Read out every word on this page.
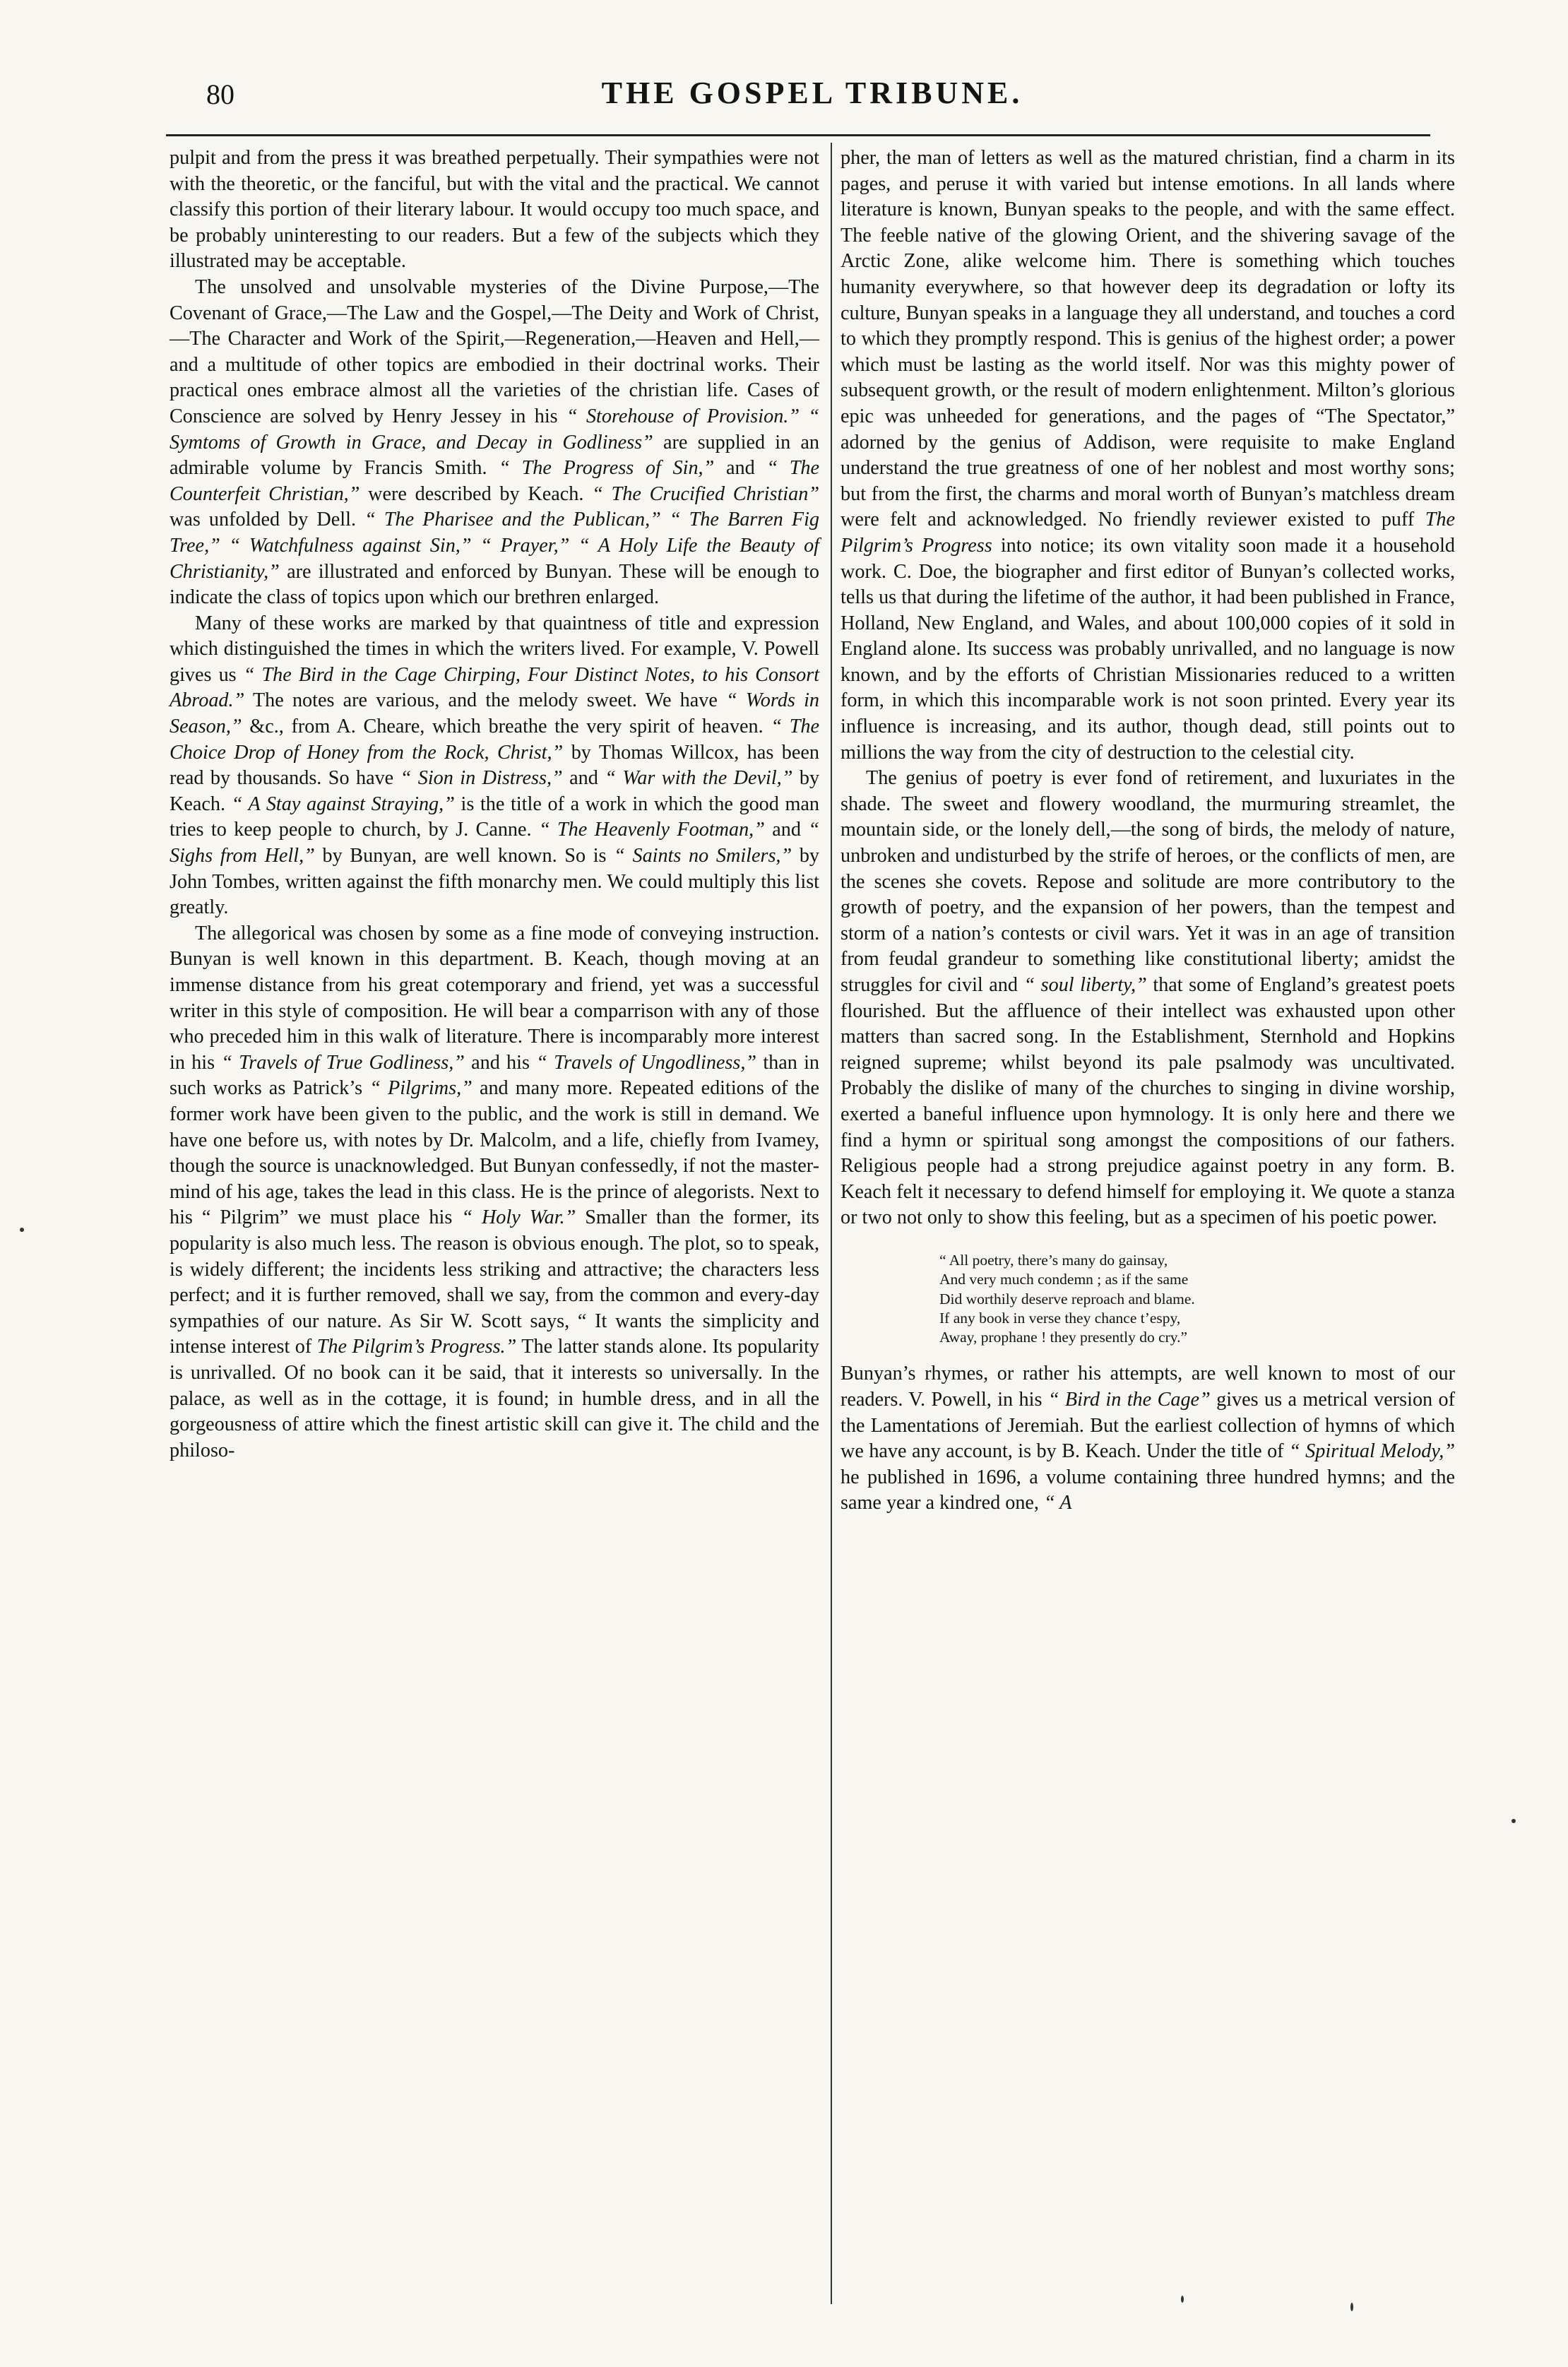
80	THE GOSPEL TRIBUNE.

pulpit and from the press it was breathed perpetually. Their sympathies were not with the theoretic, or the fanciful, but with the vital and the practical. We cannot classify this portion of their literary labour. It would occupy too much space, and be probably uninteresting to our readers. But a few of the subjects which they illustrated may be acceptable.

The unsolved and unsolvable mysteries of the Divine Purpose,—The Covenant of Grace,—The Law and the Gospel,—The Deity and Work of Christ,—The Character and Work of the Spirit,—Regeneration,—Heaven and Hell,—and a multitude of other topics are embodied in their doctrinal works. Their practical ones embrace almost all the varieties of the christian life. Cases of Conscience are solved by Henry Jessey in his “ Storehouse of Provision.” “ Symtoms of Growth in Grace, and Decay in Godliness” are supplied in an admirable volume by Francis Smith. “ The Progress of Sin,” and “ The Counterfeit Christian,” were described by Keach. “ The Crucified Christian” was unfolded by Dell. “ The Pharisee and the Publican,” “ The Barren Fig Tree,” “ Watchfulness against Sin,” “ Prayer,” “ A Holy Life the Beauty of Christianity,” are illustrated and enforced by Bunyan. These will be enough to indicate the class of topics upon which our brethren enlarged.

Many of these works are marked by that quaintness of title and expression which distinguished the times in which the writers lived. For example, V. Powell gives us “ The Bird in the Cage Chirping, Four Distinct Notes, to his Consort Abroad.” The notes are various, and the melody sweet. We have “ Words in Season,” &c., from A. Cheare, which breathe the very spirit of heaven. “ The Choice Drop of Honey from the Rock, Christ,” by Thomas Willcox, has been read by thousands. So have “ Sion in Distress,” and “ War with the Devil,” by Keach. “ A Stay against Straying,” is the title of a work in which the good man tries to keep people to church, by J. Canne. “ The Heavenly Footman,” and “ Sighs from Hell,” by Bunyan, are well known. So is “ Saints no Smilers,” by John Tombes, written against the fifth monarchy men. We could multiply this list greatly.

The allegorical was chosen by some as a fine mode of conveying instruction. Bunyan is well known in this department. B. Keach, though moving at an immense distance from his great cotemporary and friend, yet was a successful writer in this style of composition. He will bear a comparrison with any of those who preceded him in this walk of literature. There is incomparably more interest in his “ Travels of True Godliness,” and his “ Travels of Ungodliness,” than in such works as Patrick’s “ Pilgrims,” and many more. Repeated editions of the former work have been given to the public, and the work is still in demand. We have one before us, with notes by Dr. Malcolm, and a life, chiefly from Ivamey, though the source is unacknowledged. But Bunyan confessedly, if not the master-mind of his age, takes the lead in this class. He is the prince of alegorists. Next to his “ Pilgrim” we must place his “ Holy War.” Smaller than the former, its popularity is also much less. The reason is obvious enough. The plot, so to speak, is widely different; the incidents less striking and attractive; the characters less perfect; and it is further removed, shall we say, from the common and every-day sympathies of our nature. As Sir W. Scott says, “ It wants the simplicity and intense interest of The Pilgrim’s Progress.” The latter stands alone. Its popularity is unrivalled. Of no book can it be said, that it interests so universally. In the palace, as well as in the cottage, it is found; in humble dress, and in all the gorgeousness of attire which the finest artistic skill can give it. The child and the philoso-

pher, the man of letters as well as the matured christian, find a charm in its pages, and peruse it with varied but intense emotions. In all lands where literature is known, Bunyan speaks to the people, and with the same effect. The feeble native of the glowing Orient, and the shivering savage of the Arctic Zone, alike welcome him. There is something which touches humanity everywhere, so that however deep its degradation or lofty its culture, Bunyan speaks in a language they all understand, and touches a cord to which they promptly respond. This is genius of the highest order; a power which must be lasting as the world itself. Nor was this mighty power of subsequent growth, or the result of modern enlightenment. Milton’s glorious epic was unheeded for generations, and the pages of “The Spectator,” adorned by the genius of Addison, were requisite to make England understand the true greatness of one of her noblest and most worthy sons; but from the first, the charms and moral worth of Bunyan’s matchless dream were felt and acknowledged. No friendly reviewer existed to puff The Pilgrim’s Progress into notice; its own vitality soon made it a household work. C. Doe, the biographer and first editor of Bunyan’s collected works, tells us that during the lifetime of the author, it had been published in France, Holland, New England, and Wales, and about 100,000 copies of it sold in England alone. Its success was probably unrivalled, and no language is now known, and by the efforts of Christian Missionaries reduced to a written form, in which this incomparable work is not soon printed. Every year its influence is increasing, and its author, though dead, still points out to millions the way from the city of destruction to the celestial city.

The genius of poetry is ever fond of retirement, and luxuriates in the shade. The sweet and flowery woodland, the murmuring streamlet, the mountain side, or the lonely dell,—the song of birds, the melody of nature, unbroken and undisturbed by the strife of heroes, or the conflicts of men, are the scenes she covets. Repose and solitude are more contributory to the growth of poetry, and the expansion of her powers, than the tempest and storm of a nation’s contests or civil wars. Yet it was in an age of transition from feudal grandeur to something like constitutional liberty; amidst the struggles for civil and “ soul liberty,” that some of England’s greatest poets flourished. But the affluence of their intellect was exhausted upon other matters than sacred song. In the Establishment, Sternhold and Hopkins reigned supreme; whilst beyond its pale psalmody was uncultivated. Probably the dislike of many of the churches to singing in divine worship, exerted a baneful influence upon hymnology. It is only here and there we find a hymn or spiritual song amongst the compositions of our fathers. Religious people had a strong prejudice against poetry in any form. B. Keach felt it necessary to defend himself for employing it. We quote a stanza or two not only to show this feeling, but as a specimen of his poetic power.

“ All poetry, there’s many do gainsay,
And very much condemn ; as if the same
Did worthily deserve reproach and blame.
If any book in verse they chance t’espy,
Away, prophane ! they presently do cry.”

Bunyan’s rhymes, or rather his attempts, are well known to most of our readers. V. Powell, in his “ Bird in the Cage” gives us a metrical version of the Lamentations of Jeremiah. But the earliest collection of hymns of which we have any account, is by B. Keach. Under the title of “ Spiritual Melody,” he published in 1696, a volume containing three hundred hymns; and the same year a kindred one, “ A
